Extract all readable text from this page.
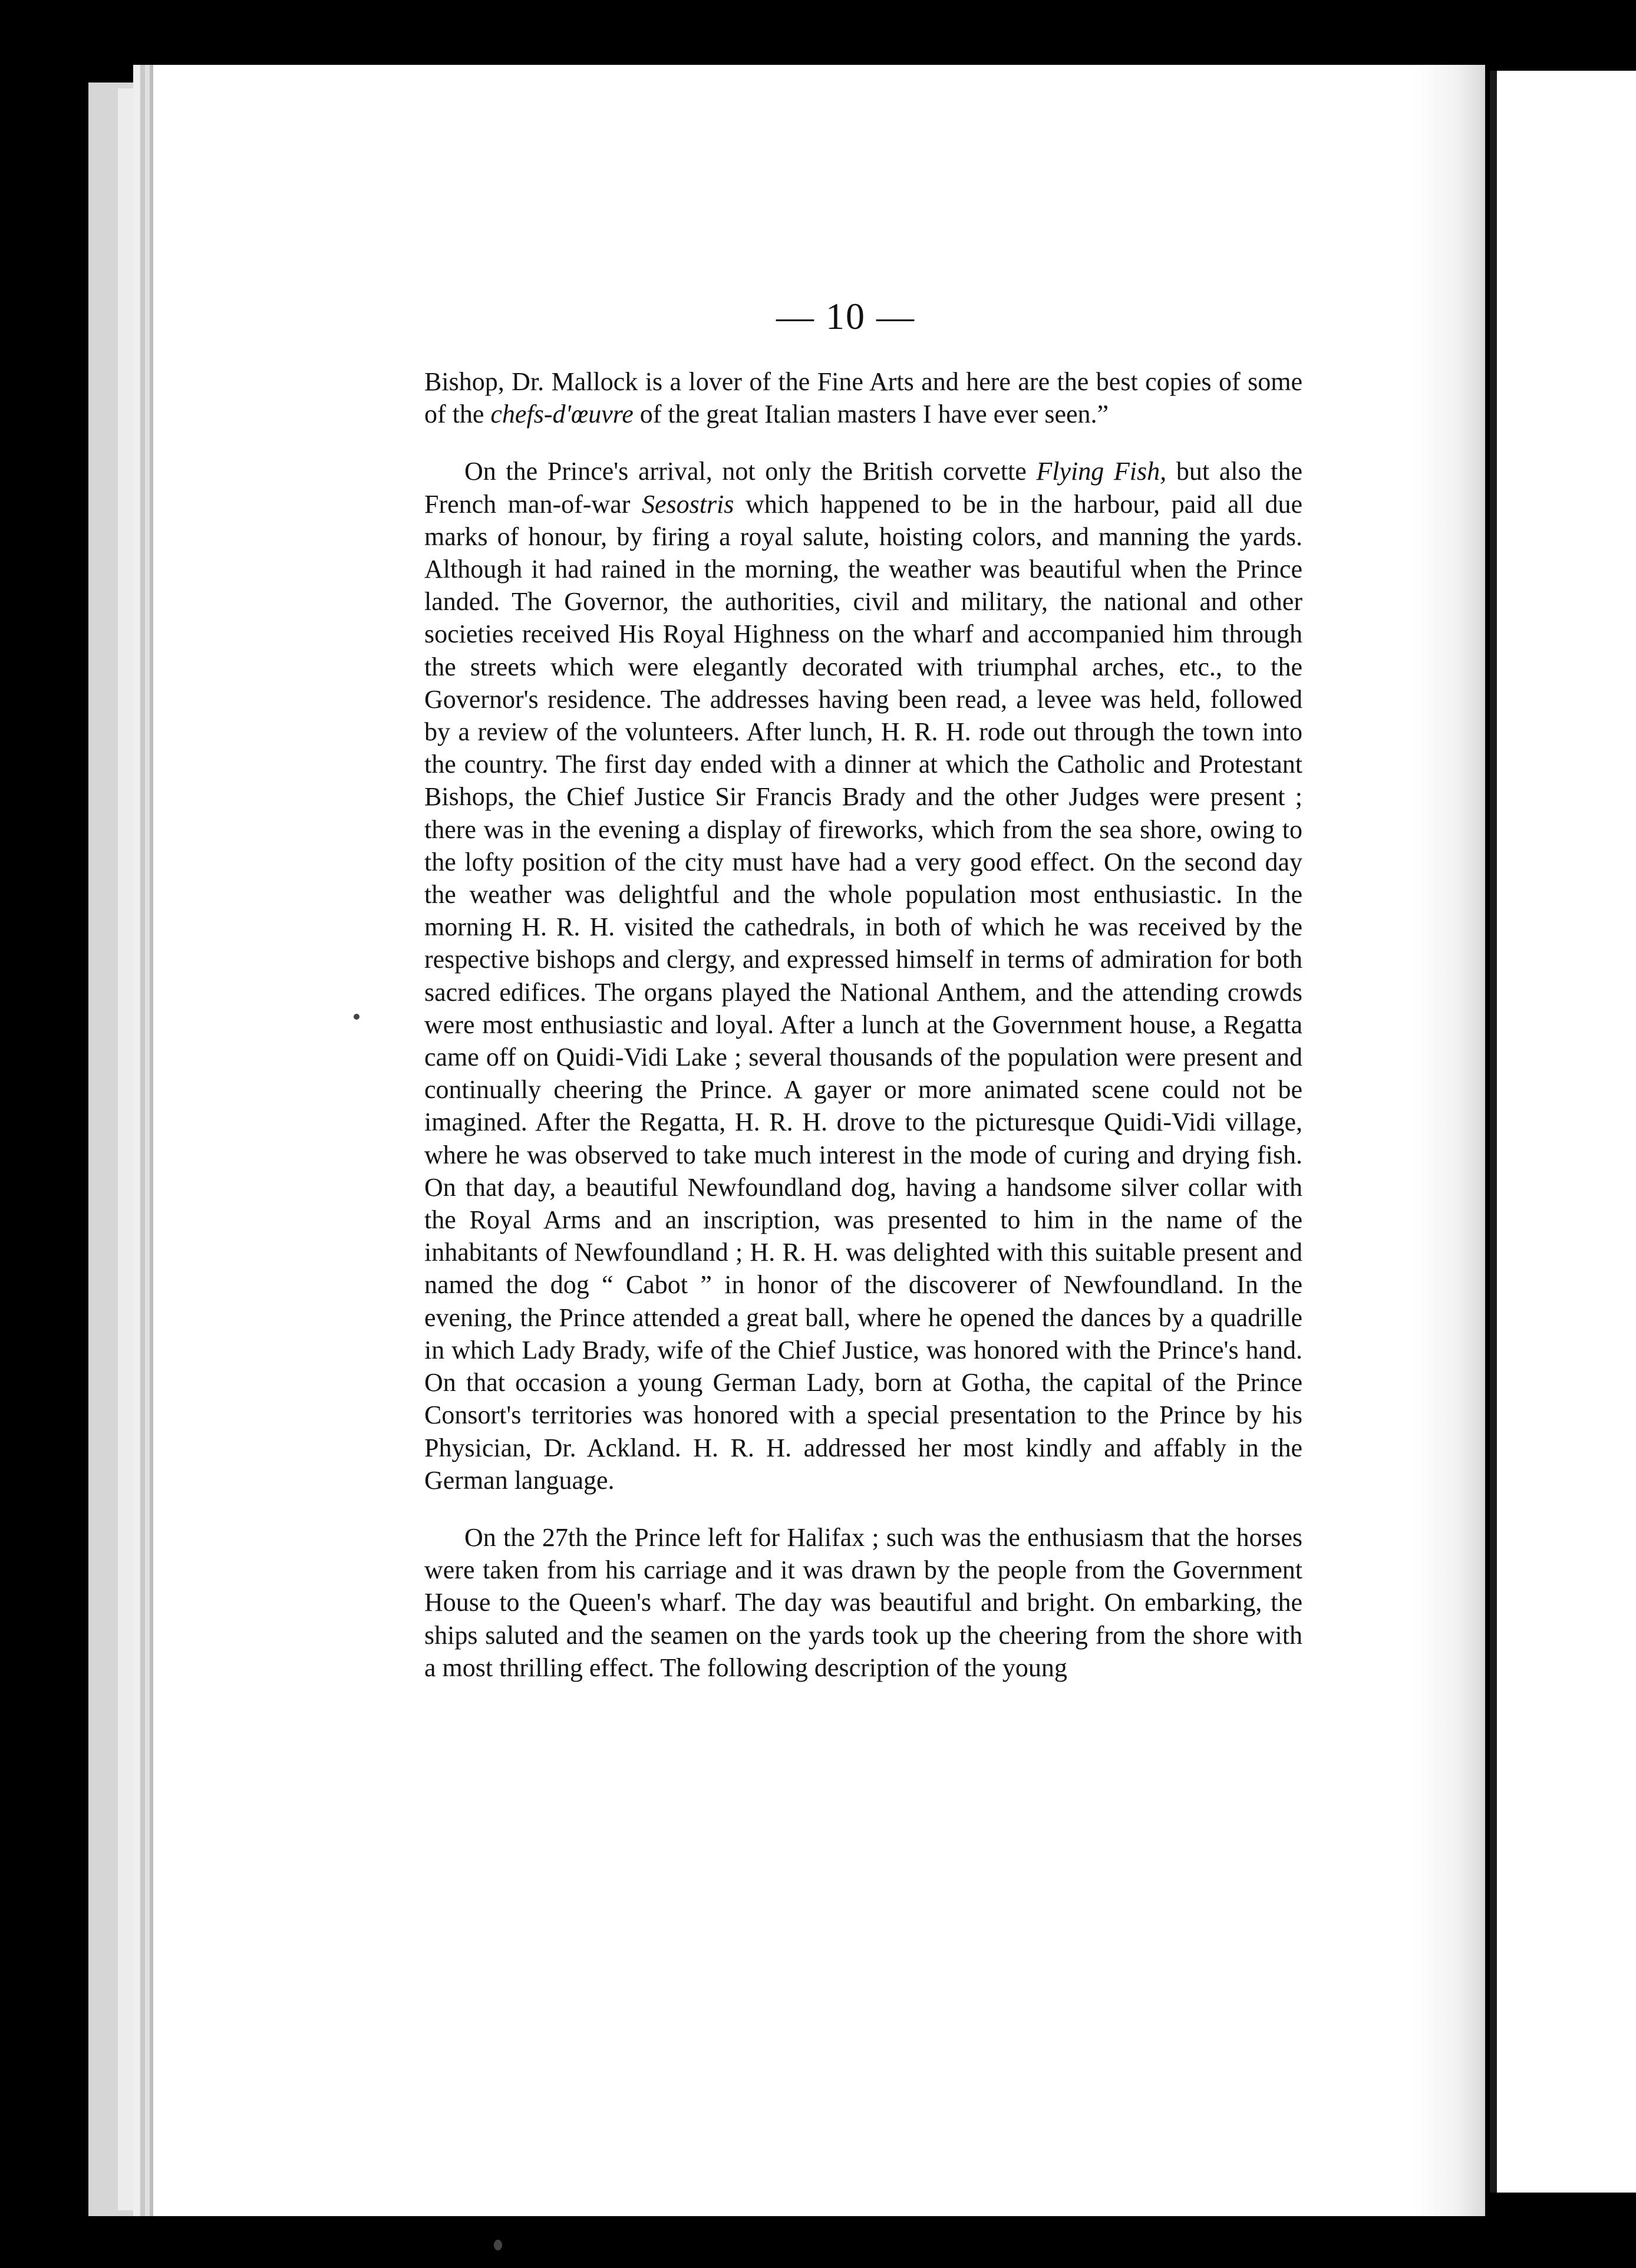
— 10 —

Bishop, Dr. Mallock is a lover of the Fine Arts and here are the best copies of some of the chefs-d'œuvre of the great Italian masters I have ever seen.”

On the Prince's arrival, not only the British corvette Flying Fish, but also the French man-of-war Sesostris which happened to be in the harbour, paid all due marks of honour, by firing a royal salute, hoisting colors, and manning the yards. Although it had rained in the morning, the weather was beautiful when the Prince landed. The Governor, the authorities, civil and military, the national and other societies received His Royal Highness on the wharf and accompanied him through the streets which were elegantly decorated with triumphal arches, etc., to the Governor's residence. The addresses having been read, a levee was held, followed by a review of the volunteers. After lunch, H. R. H. rode out through the town into the country. The first day ended with a dinner at which the Catholic and Protestant Bishops, the Chief Justice Sir Francis Brady and the other Judges were present ; there was in the evening a display of fireworks, which from the sea shore, owing to the lofty position of the city must have had a very good effect. On the second day the weather was delightful and the whole population most enthusiastic. In the morning H. R. H. visited the cathedrals, in both of which he was received by the respective bishops and clergy, and expressed himself in terms of admiration for both sacred edifices. The organs played the National Anthem, and the attending crowds were most enthusiastic and loyal. After a lunch at the Government house, a Regatta came off on Quidi-Vidi Lake ; several thousands of the population were present and continually cheering the Prince. A gayer or more animated scene could not be imagined. After the Regatta, H. R. H. drove to the picturesque Quidi-Vidi village, where he was observed to take much interest in the mode of curing and drying fish. On that day, a beautiful Newfoundland dog, having a handsome silver collar with the Royal Arms and an inscription, was presented to him in the name of the inhabitants of Newfoundland ; H. R. H. was delighted with this suitable present and named the dog “ Cabot ” in honor of the discoverer of Newfoundland. In the evening, the Prince attended a great ball, where he opened the dances by a quadrille in which Lady Brady, wife of the Chief Justice, was honored with the Prince's hand. On that occasion a young German Lady, born at Gotha, the capital of the Prince Consort's territories was honored with a special presentation to the Prince by his Physician, Dr. Ackland. H. R. H. addressed her most kindly and affably in the German language.

On the 27th the Prince left for Halifax ; such was the enthusiasm that the horses were taken from his carriage and it was drawn by the people from the Government House to the Queen's wharf. The day was beautiful and bright. On embarking, the ships saluted and the seamen on the yards took up the cheering from the shore with a most thrilling effect. The following description of the young
